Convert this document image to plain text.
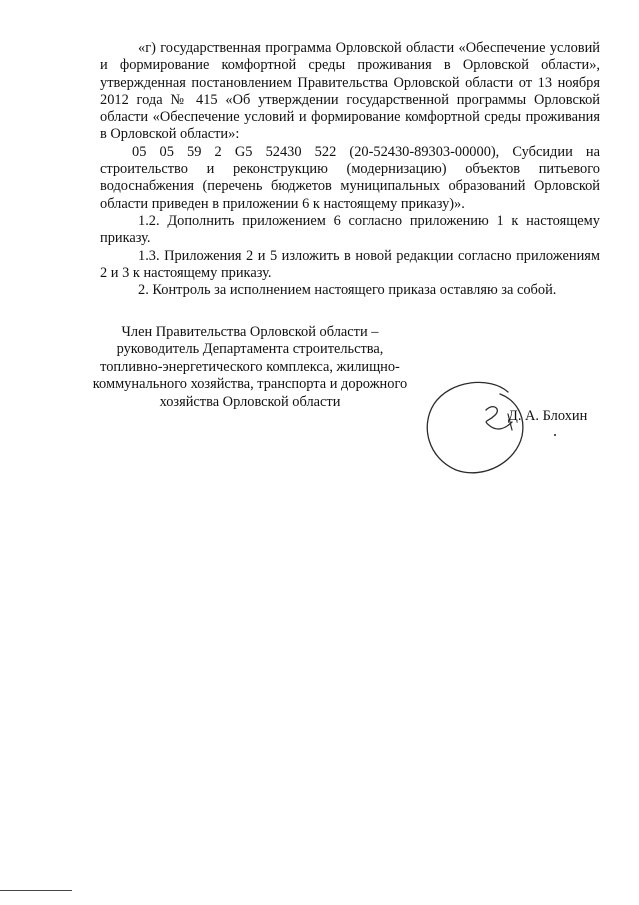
«г) государственная программа Орловской области «Обеспечение условий и формирование комфортной среды проживания в Орловской области», утвержденная постановлением Правительства Орловской области от 13 ноября 2012 года № 415 «Об утверждении государственной программы Орловской области «Обеспечение условий и формирование комфортной среды проживания в Орловской области»:

05 05 59 2 G5 52430 522 (20-52430-89303-00000), Субсидии на строительство и реконструкцию (модернизацию) объектов питьевого водоснабжения (перечень бюджетов муниципальных образований Орловской области приведен в приложении 6 к настоящему приказу)».

1.2. Дополнить приложением 6 согласно приложению 1 к настоящему приказу.

1.3. Приложения 2 и 5 изложить в новой редакции согласно приложениям 2 и 3 к настоящему приказу.

2. Контроль за исполнением настоящего приказа оставляю за собой.

Член Правительства Орловской области –
руководитель Департамента строительства,
топливно-энергетического комплекса, жилищно-
коммунального хозяйства, транспорта и дорожного
хозяйства Орловской области
Д. А. Блохин
